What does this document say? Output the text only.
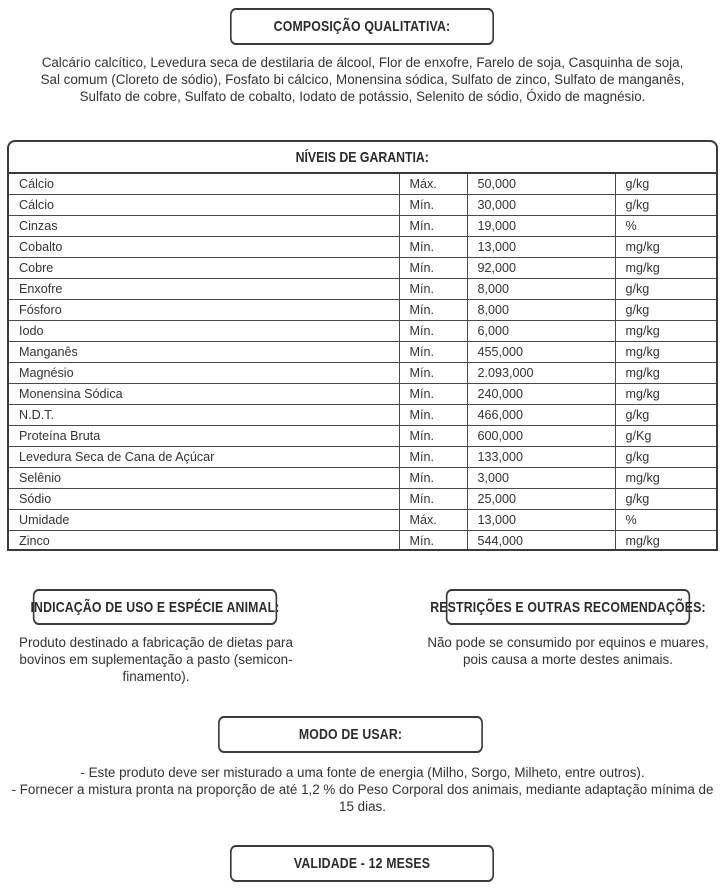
COMPOSIÇÃO QUALITATIVA:
Calcário calcítico, Levedura seca de destilaria de álcool, Flor de enxofre, Farelo de soja, Casquinha de soja,
Sal comum (Cloreto de sódio), Fosfato bi cálcico, Monensina sódica, Sulfato de zinco, Sulfato de manganês,
Sulfato de cobre, Sulfato de cobalto, Iodato de potássio, Selenito de sódio, Óxido de magnésio.
NÍVEIS DE GARANTIA:
Cálcio	Máx.	50,000	g/kg
Cálcio	Mín.	30,000	g/kg
Cinzas	Mín.	19,000	%
Cobalto	Mín.	13,000	mg/kg
Cobre	Mín.	92,000	mg/kg
Enxofre	Mín.	8,000	g/kg
Fósforo	Mín.	8,000	g/kg
Iodo	Mín.	6,000	mg/kg
Manganês	Mín.	455,000	mg/kg
Magnésio	Mín.	2.093,000	mg/kg
Monensina Sódica	Mín.	240,000	mg/kg
N.D.T.	Mín.	466,000	g/kg
Proteína Bruta	Mín.	600,000	g/Kg
Levedura Seca de Cana de Açúcar	Mín.	133,000	g/kg
Selênio	Mín.	3,000	mg/kg
Sódio	Mín.	25,000	g/kg
Umidade	Máx.	13,000	%
Zinco	Mín.	544,000	mg/kg
INDICAÇÃO DE USO E ESPÉCIE ANIMAL:
Produto destinado a fabricação de dietas para
bovinos em suplementação a pasto (semicon-
finamento).
RESTRIÇÕES E OUTRAS RECOMENDAÇÕES:
Não pode se consumido por equinos e muares,
pois causa a morte destes animais.
MODO DE USAR:
- Este produto deve ser misturado a uma fonte de energia (Milho, Sorgo, Milheto, entre outros).
- Fornecer a mistura pronta na proporção de até 1,2 % do Peso Corporal dos animais, mediante adaptação mínima de
15 dias.
VALIDADE - 12 MESES
